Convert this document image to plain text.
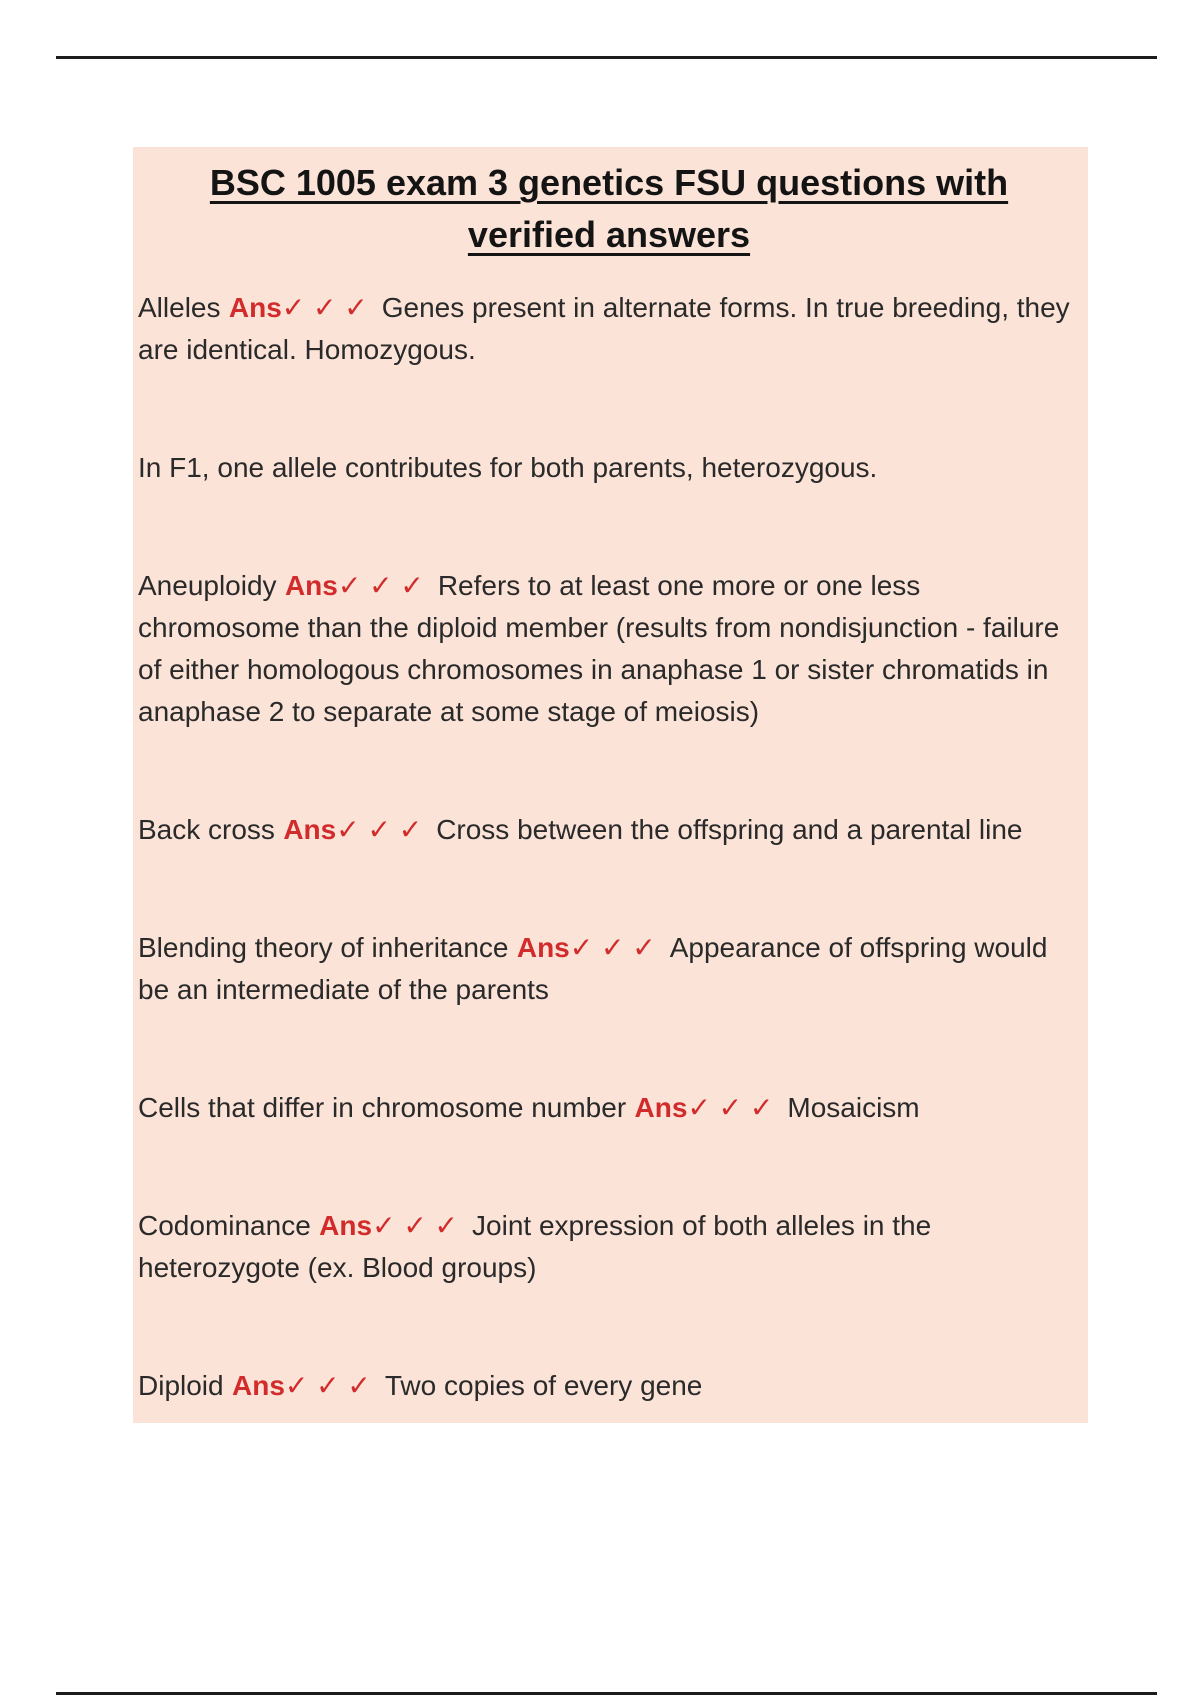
BSC 1005 exam 3 genetics FSU questions with
verified answers

Alleles Ans✓ ✓ ✓ Genes present in alternate forms. In true breeding, they are identical. Homozygous.

In F1, one allele contributes for both parents, heterozygous.

Aneuploidy Ans✓ ✓ ✓ Refers to at least one more or one less chromosome than the diploid member (results from nondisjunction - failure of either homologous chromosomes in anaphase 1 or sister chromatids in anaphase 2 to separate at some stage of meiosis)

Back cross Ans✓ ✓ ✓ Cross between the offspring and a parental line

Blending theory of inheritance Ans✓ ✓ ✓ Appearance of offspring would be an intermediate of the parents

Cells that differ in chromosome number Ans✓ ✓ ✓ Mosaicism

Codominance Ans✓ ✓ ✓ Joint expression of both alleles in the heterozygote (ex. Blood groups)

Diploid Ans✓ ✓ ✓ Two copies of every gene
